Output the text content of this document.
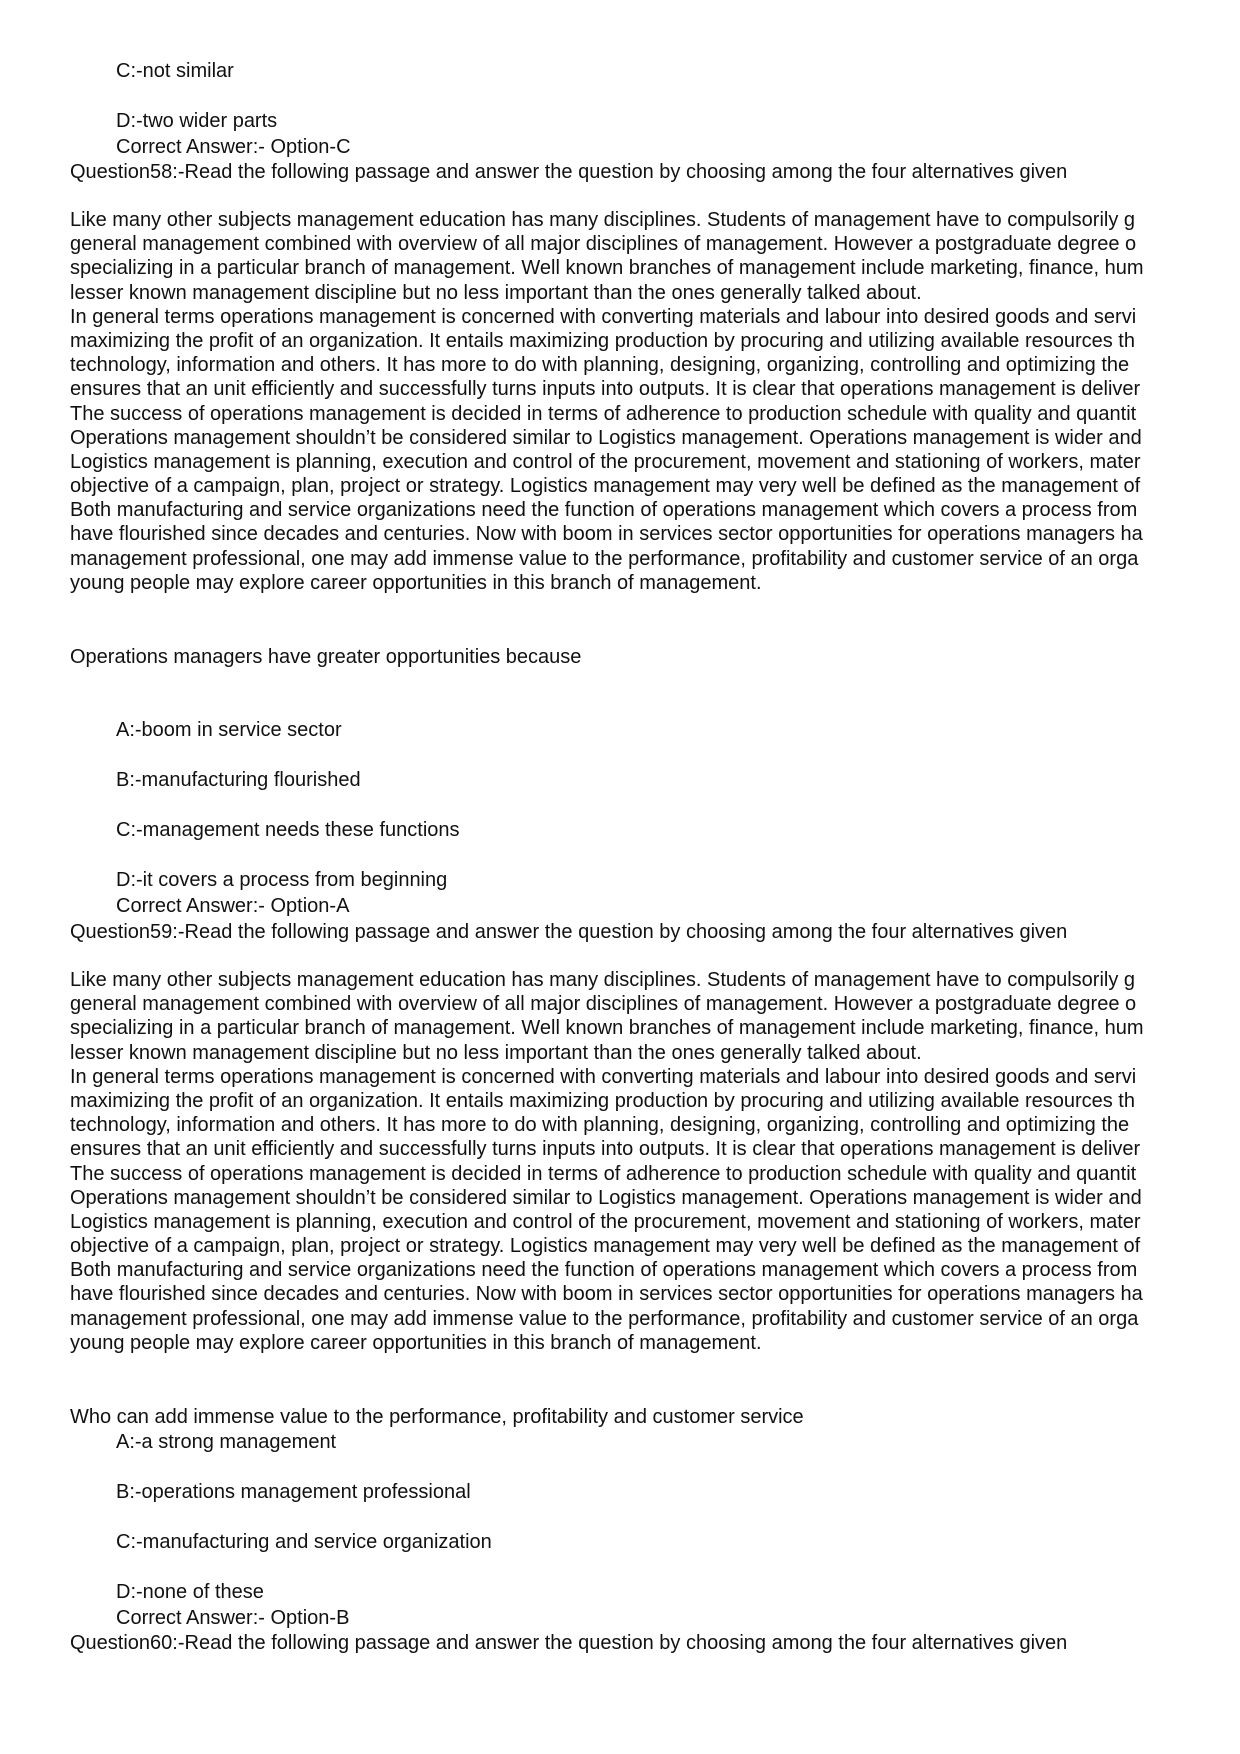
C:-not similar

D:-two wider parts

Correct Answer:- Option-C

Question58:-Read the following passage and answer the question by choosing among the four alternatives given

Like many other subjects management education has many disciplines. Students of management have to compulsorily g
general management combined with overview of all major disciplines of management. However a postgraduate degree o
specializing in a particular branch of management. Well known branches of management include marketing, finance, hum
lesser known management discipline but no less important than the ones generally talked about.
In general terms operations management is concerned with converting materials and labour into desired goods and servi
maximizing the profit of an organization. It entails maximizing production by procuring and utilizing available resources th
technology, information and others. It has more to do with planning, designing, organizing, controlling and optimizing the
ensures that an unit efficiently and successfully turns inputs into outputs. It is clear that operations management is deliver
The success of operations management is decided in terms of adherence to production schedule with quality and quantit
Operations management shouldn’t be considered similar to Logistics management. Operations management is wider and
Logistics management is planning, execution and control of the procurement, movement and stationing of workers, mater
objective of a campaign, plan, project or strategy. Logistics management may very well be defined as the management of
Both manufacturing and service organizations need the function of operations management which covers a process from
have flourished since decades and centuries. Now with boom in services sector opportunities for operations managers ha
management professional, one may add immense value to the performance, profitability and customer service of an orga
young people may explore career opportunities in this branch of management.

Operations managers have greater opportunities because

A:-boom in service sector

B:-manufacturing flourished

C:-management needs these functions

D:-it covers a process from beginning

Correct Answer:- Option-A

Question59:-Read the following passage and answer the question by choosing among the four alternatives given

Like many other subjects management education has many disciplines. Students of management have to compulsorily g
general management combined with overview of all major disciplines of management. However a postgraduate degree o
specializing in a particular branch of management. Well known branches of management include marketing, finance, hum
lesser known management discipline but no less important than the ones generally talked about.
In general terms operations management is concerned with converting materials and labour into desired goods and servi
maximizing the profit of an organization. It entails maximizing production by procuring and utilizing available resources th
technology, information and others. It has more to do with planning, designing, organizing, controlling and optimizing the
ensures that an unit efficiently and successfully turns inputs into outputs. It is clear that operations management is deliver
The success of operations management is decided in terms of adherence to production schedule with quality and quantit
Operations management shouldn’t be considered similar to Logistics management. Operations management is wider and
Logistics management is planning, execution and control of the procurement, movement and stationing of workers, mater
objective of a campaign, plan, project or strategy. Logistics management may very well be defined as the management of
Both manufacturing and service organizations need the function of operations management which covers a process from
have flourished since decades and centuries. Now with boom in services sector opportunities for operations managers ha
management professional, one may add immense value to the performance, profitability and customer service of an orga
young people may explore career opportunities in this branch of management.

Who can add immense value to the performance, profitability and customer service

A:-a strong management

B:-operations management professional

C:-manufacturing and service organization

D:-none of these

Correct Answer:- Option-B

Question60:-Read the following passage and answer the question by choosing among the four alternatives given
